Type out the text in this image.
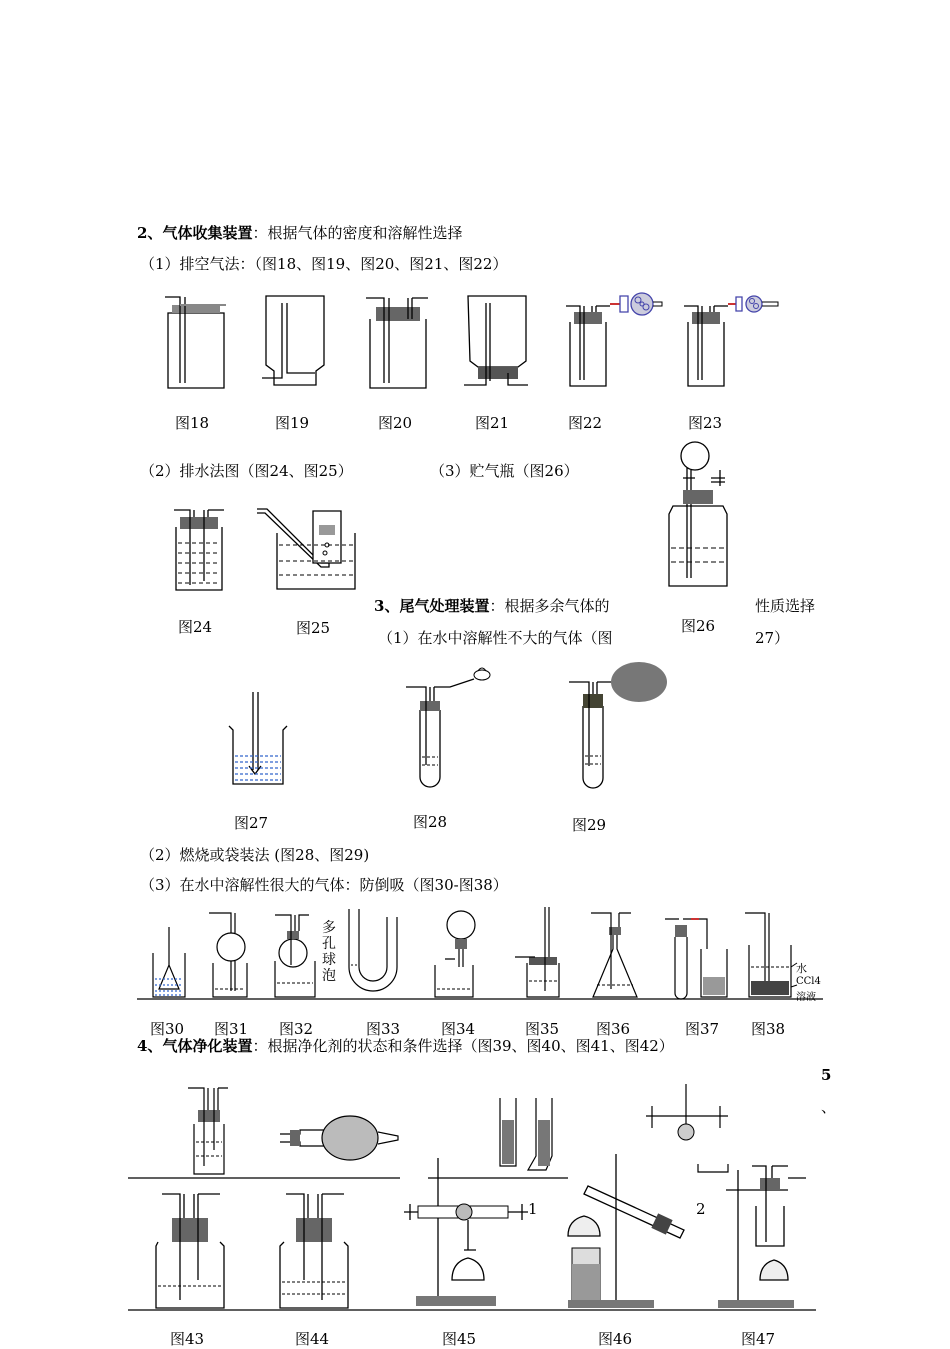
2、气体收集装置：根据气体的密度和溶解性选择
（1）排空气法：（图18、图19、图20、图21、图22）
图18	图19	图20	图21	图22	图23
（2）排水法图（图24、图25）	（3）贮气瓶（图26）
图24	图25	图26
3、尾气处理装置：根据多余气体的	性质选择
（1）在水中溶解性不大的气体（图	27）
图27	图28	图29
（2）燃烧或袋装法 (图28、图29)
（3）在水中溶解性很大的气体：防倒吸（图30-图38）
多
孔
球
泡	水
CCl4
溶液
图30 图31 图32	图33	图34	图35 图36	图37 图38
4、气体净化装置：根据净化剂的状态和条件选择（图39、图40、图41、图42）
5
、
1	2
图43	图44	图45	图46	图47
